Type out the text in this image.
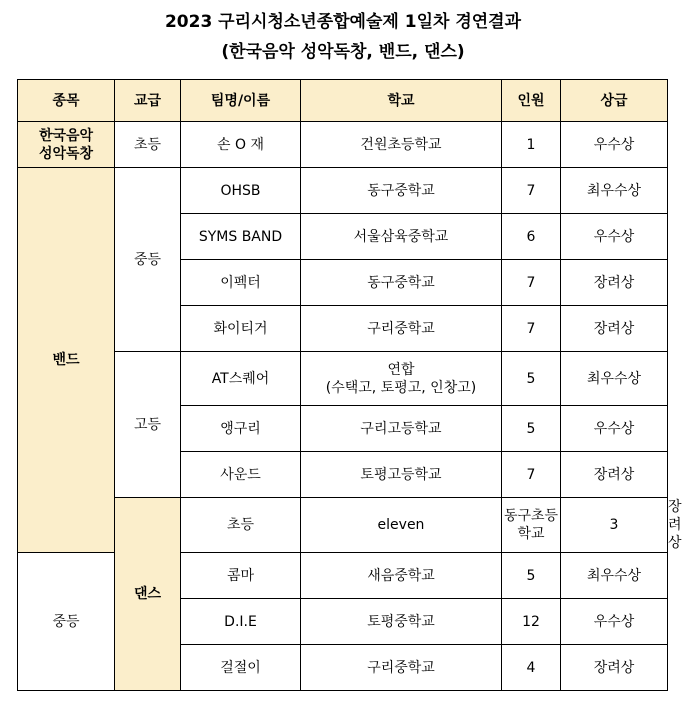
2023 구리시청소년종합예술제 1일차 경연결과
(한국음악 성악독창, 밴드, 댄스)
종목	교급	팀명/이름	학교	인원	상급	
한국음악
성악독창	초등	손 O 재	건원초등학교	1	우수상	
밴드	중등	OHSB	동구중학교	7	최우수상	
		SYMS BAND	서울삼육중학교	6	우수상	
		이펙터	동구중학교	7	장려상	
		화이티거	구리중학교	7	장려상	
	고등	AT스퀘어	연합
(수택고, 토평고, 인창고)	5	최우수상	
		앵구리	구리고등학교	5	우수상	
		사운드	토평고등학교	7	장려상	
	댄스	초등	eleven	동구초등학교	3	장려상
중등		콤마	새음중학교	5	최우수상	
		D.I.E	토평중학교	12	우수상	
		걸절이	구리중학교	4	장려상	
